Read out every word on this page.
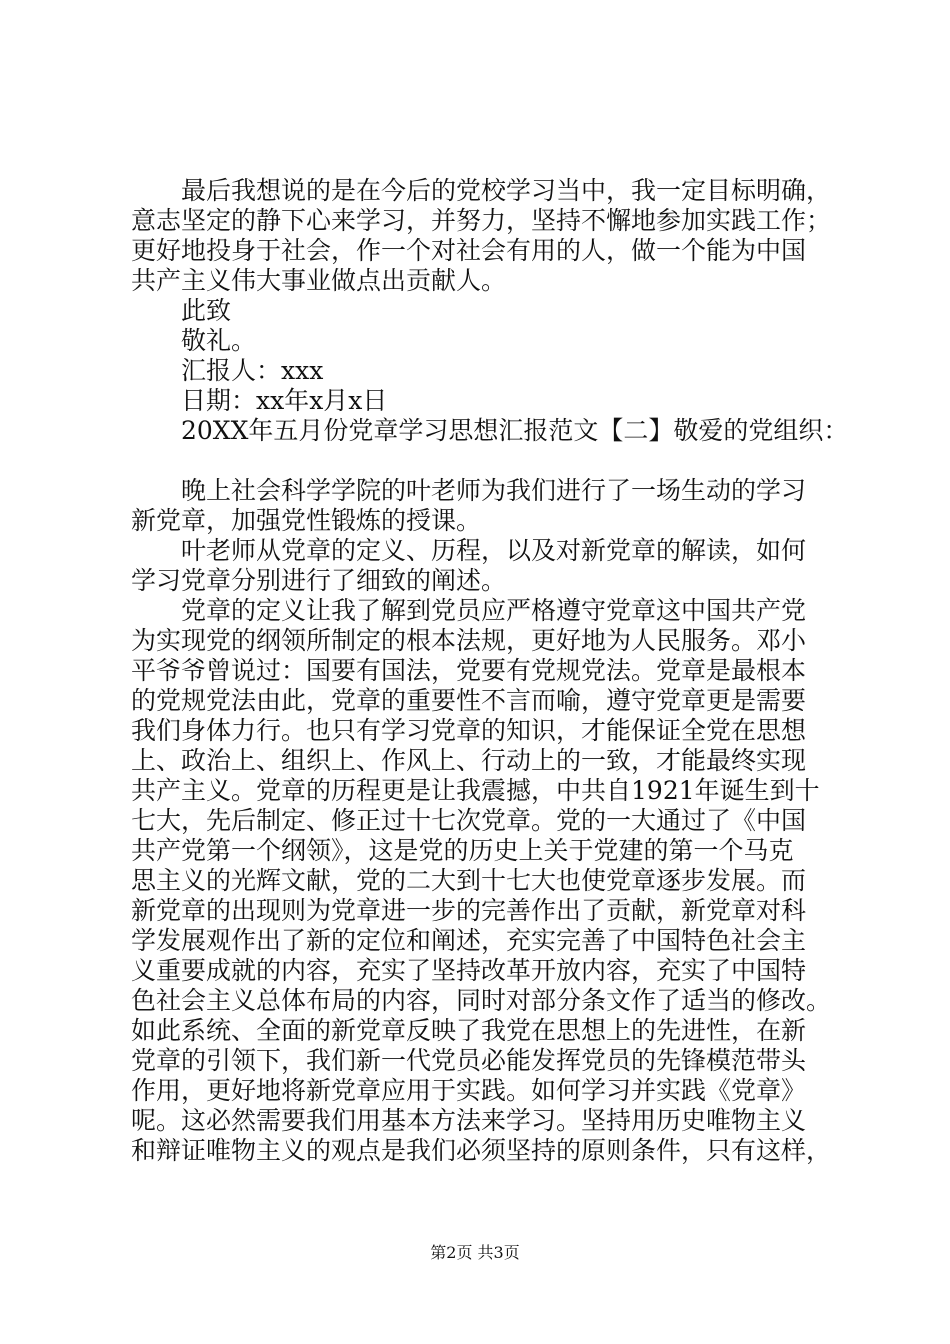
最后我想说的是在今后的党校学习当中，我一定目标明确，
意志坚定的静下心来学习，并努力，坚持不懈地参加实践工作；
更好地投身于社会，作一个对社会有用的人，做一个能为中国
共产主义伟大事业做点出贡献人。
此致
敬礼。
汇报人：xxx
日期：xx年x月x日
20XX年五月份党章学习思想汇报范文【二】敬爱的党组织：
晚上社会科学学院的叶老师为我们进行了一场生动的学习
新党章，加强党性锻炼的授课。
叶老师从党章的定义、历程，以及对新党章的解读，如何
学习党章分别进行了细致的阐述。
党章的定义让我了解到党员应严格遵守党章这中国共产党
为实现党的纲领所制定的根本法规，更好地为人民服务。邓小
平爷爷曾说过：国要有国法，党要有党规党法。党章是最根本
的党规党法由此，党章的重要性不言而喻，遵守党章更是需要
我们身体力行。也只有学习党章的知识，才能保证全党在思想
上、政治上、组织上、作风上、行动上的一致，才能最终实现
共产主义。党章的历程更是让我震撼，中共自1921年诞生到十
七大，先后制定、修正过十七次党章。党的一大通过了《中国
共产党第一个纲领》，这是党的历史上关于党建的第一个马克
思主义的光辉文献，党的二大到十七大也使党章逐步发展。而
新党章的出现则为党章进一步的完善作出了贡献，新党章对科
学发展观作出了新的定位和阐述，充实完善了中国特色社会主
义重要成就的内容，充实了坚持改革开放内容，充实了中国特
色社会主义总体布局的内容，同时对部分条文作了适当的修改。
如此系统、全面的新党章反映了我党在思想上的先进性，在新
党章的引领下，我们新一代党员必能发挥党员的先锋模范带头
作用，更好地将新党章应用于实践。如何学习并实践《党章》
呢。这必然需要我们用基本方法来学习。坚持用历史唯物主义
和辩证唯物主义的观点是我们必须坚持的原则条件，只有这样，
第2页 共3页
